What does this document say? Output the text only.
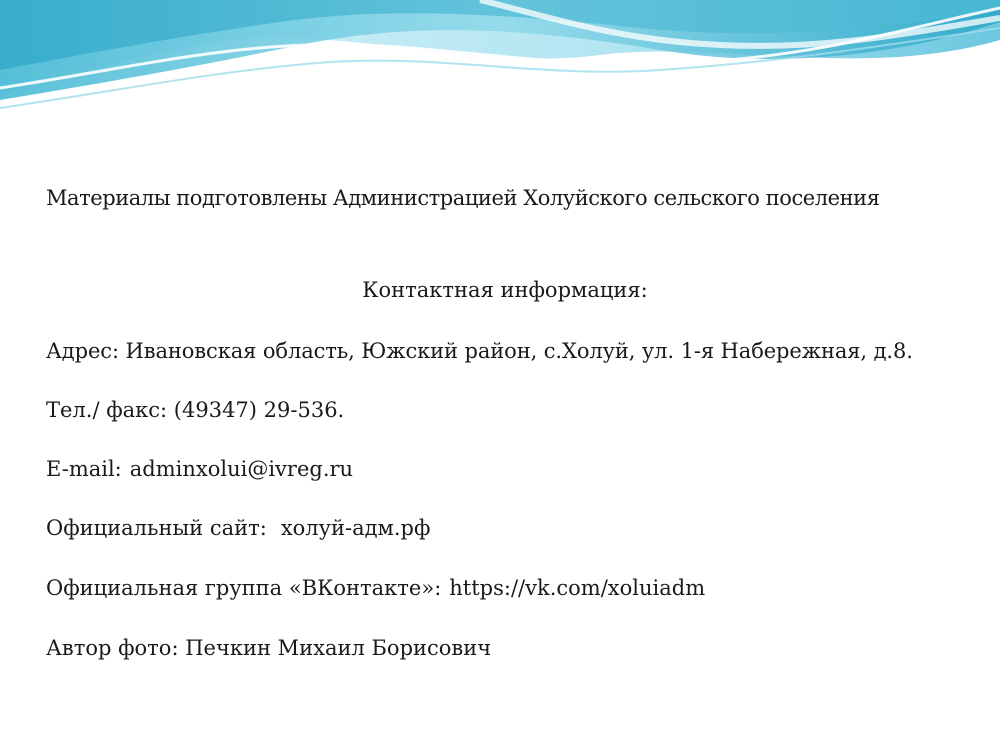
Материалы подготовлены Администрацией Холуйского сельского поселения
Контактная информация:
Адрес: Ивановская область, Южский район, с.Холуй, ул. 1-я Набережная, д.8.
Тел./ факс: (49347) 29-536.
E-mail: adminxolui@ivreg.ru
Официальный сайт: холуй-адм.рф
Официальная группа «ВКонтакте»: https://vk.com/xoluiadm
Автор фото: Печкин Михаил Борисович
